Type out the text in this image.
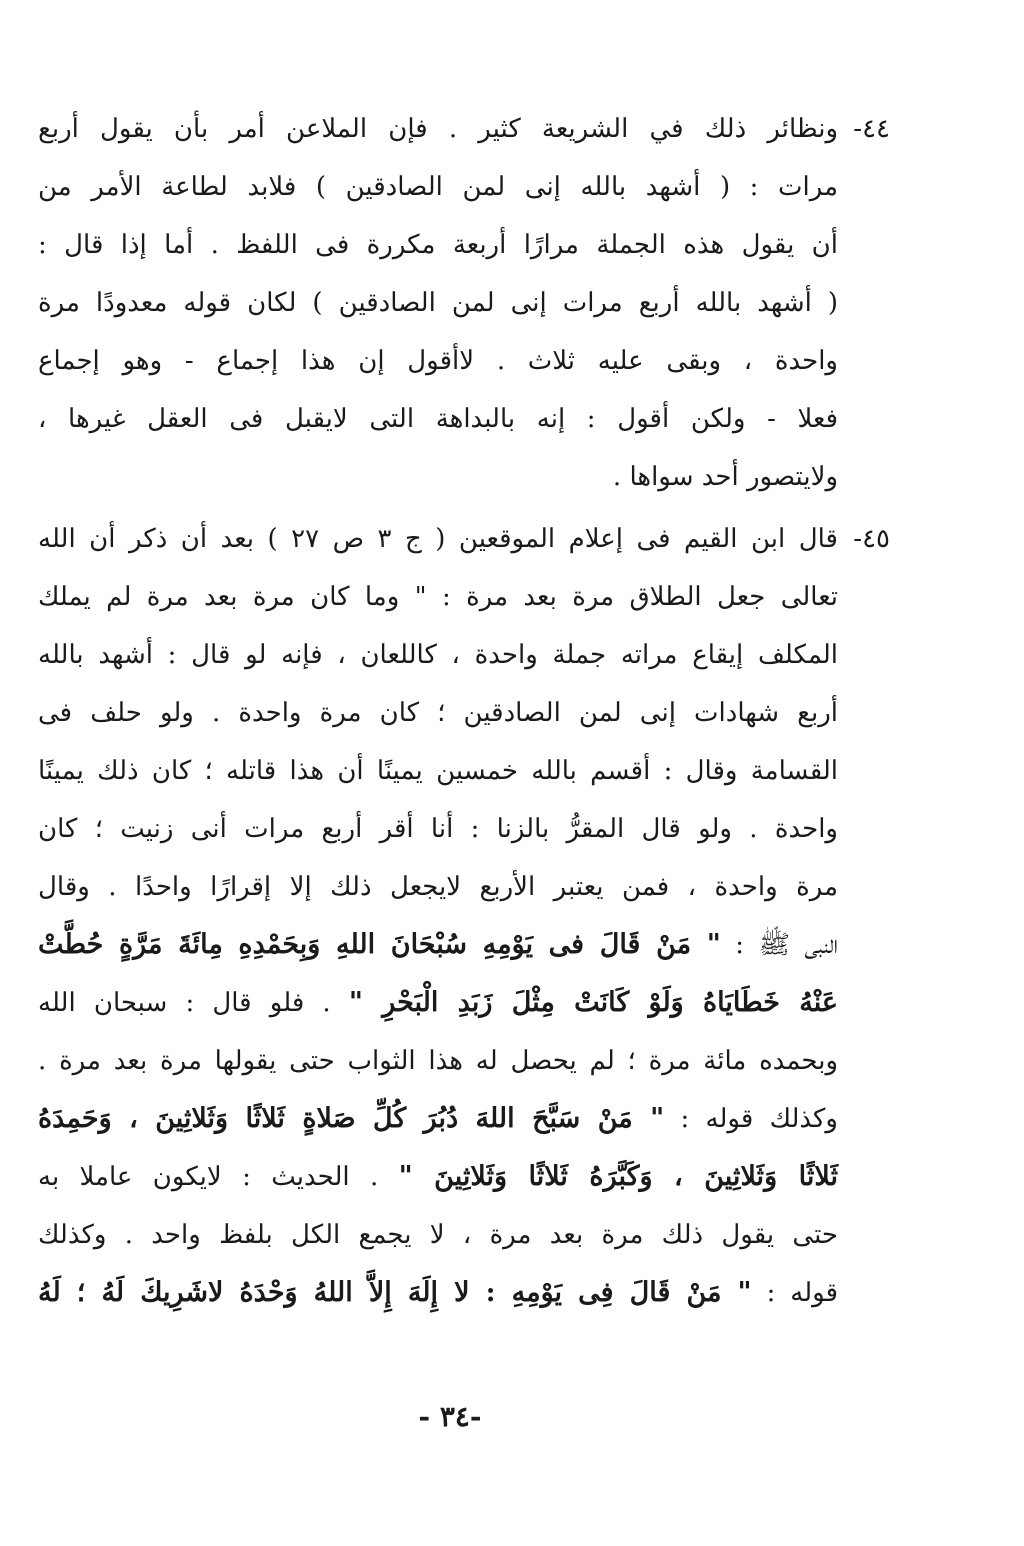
٤٤-
ونظائر ذلك في الشريعة كثير . فإن الملاعن أمر بأن يقول أربع
مرات : ( أشهد بالله إنى لمن الصادقين ) فلابد لطاعة الأمر من
أن يقول هذه الجملة مرارًا أربعة مكررة فى اللفظ . أما إذا قال :
( أشهد بالله أربع مرات إنى لمن الصادقين ) لكان قوله معدودًا مرة
واحدة ، وبقى عليه ثلاث . لاأقول إن هذا إجماع - وهو إجماع
فعلا - ولكن أقول : إنه بالبداهة التى لايقبل فى العقل غيرها ،
ولايتصور أحد سواها .
٤٥-
قال ابن القيم فى إعلام الموقعين ( ج ٣ ص ٢٧ ) بعد أن ذكر أن الله
تعالى جعل الطلاق مرة بعد مرة : " وما كان مرة بعد مرة لم يملك
المكلف إيقاع مراته جملة واحدة ، كاللعان ، فإنه لو قال : أشهد بالله
أربع شهادات إنى لمن الصادقين ؛ كان مرة واحدة . ولو حلف فى
القسامة وقال : أقسم بالله خمسين يمينًا أن هذا قاتله ؛ كان ذلك يمينًا
واحدة . ولو قال المقرُّ بالزنا : أنا أقر أربع مرات أنى زنيت ؛ كان
مرة واحدة ، فمن يعتبر الأربع لايجعل ذلك إلا إقرارًا واحدًا . وقال
النبى ﷺ : " مَنْ قَالَ فى يَوْمِهِ سُبْحَانَ اللهِ وَبِحَمْدِهِ مِائَةَ مَرَّةٍ حُطَّتْ
عَنْهُ خَطَايَاهُ وَلَوْ كَانَتْ مِثْلَ زَبَدِ الْبَحْرِ " . فلو قال : سبحان الله
وبحمده مائة مرة ؛ لم يحصل له هذا الثواب حتى يقولها مرة بعد مرة .
وكذلك قوله : " مَنْ سَبَّحَ اللهَ دُبُرَ كُلِّ صَلاةٍ ثَلاثًا وَثَلاثِينَ ، وَحَمِدَهُ
ثَلاثًا وَثَلاثِينَ ، وَكَبَّرَهُ ثَلاثًا وَثَلاثِينَ " . الحديث : لايكون عاملا به
حتى يقول ذلك مرة بعد مرة ، لا يجمع الكل بلفظ واحد . وكذلك
قوله : " مَنْ قَالَ فِى يَوْمِهِ : لا إِلَهَ إِلاَّ اللهُ وَحْدَهُ لاشَرِيكَ لَهُ ؛ لَهُ
-٣٤ -
